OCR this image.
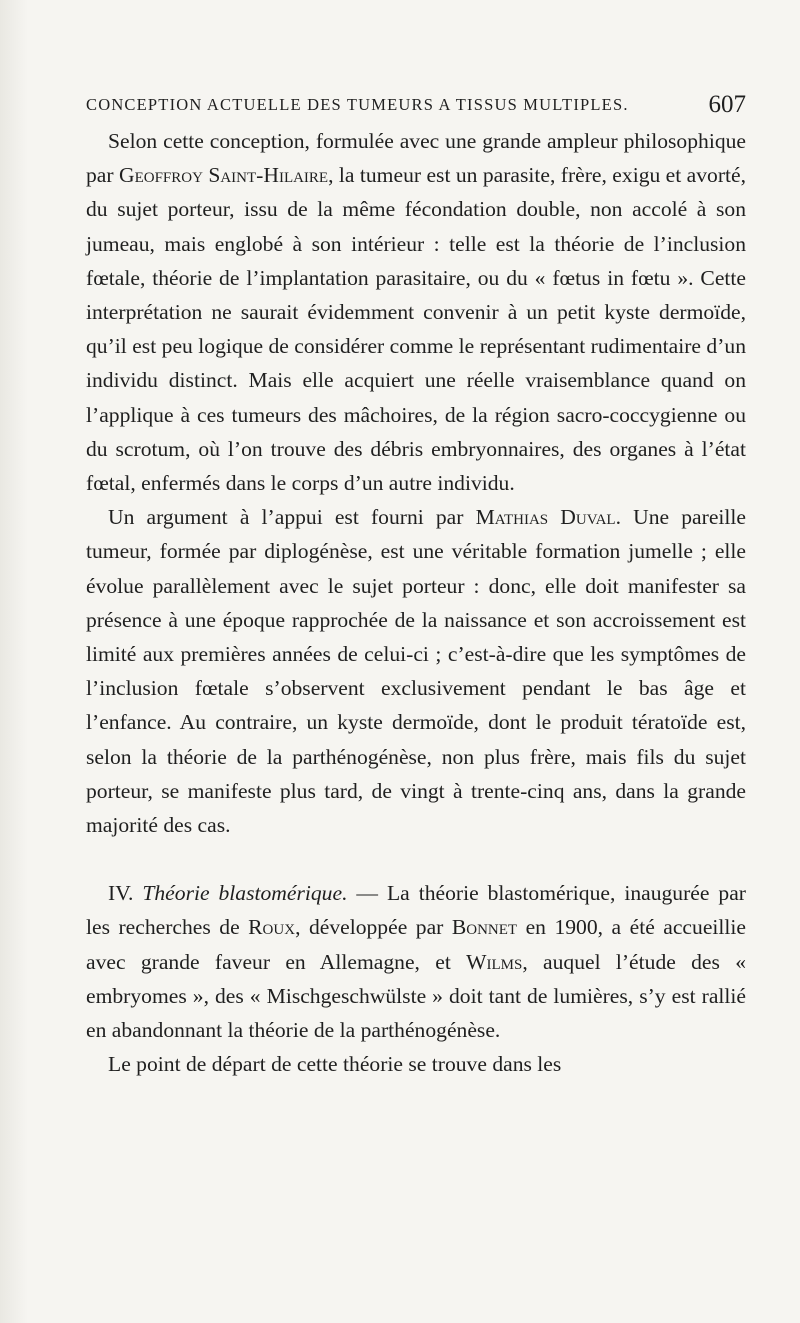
CONCEPTION ACTUELLE DES TUMEURS A TISSUS MULTIPLES.	607

Selon cette conception, formulée avec une grande ampleur philosophique par Geoffroy Saint-Hilaire, la tumeur est un parasite, frère, exigu et avorté, du sujet porteur, issu de la même fécondation double, non accolé à son jumeau, mais englobé à son intérieur : telle est la théorie de l’inclusion fœtale, théorie de l’implantation parasitaire, ou du « fœtus in fœtu ». Cette interprétation ne saurait évidemment convenir à un petit kyste dermoïde, qu’il est peu logique de considérer comme le représentant rudimentaire d’un individu distinct. Mais elle acquiert une réelle vraisemblance quand on l’applique à ces tumeurs des mâchoires, de la région sacro-coccygienne ou du scrotum, où l’on trouve des débris embryonnaires, des organes à l’état fœtal, enfermés dans le corps d’un autre individu.

Un argument à l’appui est fourni par Mathias Duval. Une pareille tumeur, formée par diplogénèse, est une véritable formation jumelle ; elle évolue parallèlement avec le sujet porteur : donc, elle doit manifester sa présence à une époque rapprochée de la naissance et son accroissement est limité aux premières années de celui-ci ; c’est-à-dire que les symptômes de l’inclusion fœtale s’observent exclusivement pendant le bas âge et l’enfance. Au contraire, un kyste dermoïde, dont le produit tératoïde est, selon la théorie de la parthénogénèse, non plus frère, mais fils du sujet porteur, se manifeste plus tard, de vingt à trente-cinq ans, dans la grande majorité des cas.

IV. Théorie blastomérique. — La théorie blastomérique, inaugurée par les recherches de Roux, développée par Bonnet en 1900, a été accueillie avec grande faveur en Allemagne, et Wilms, auquel l’étude des « embryomes », des « Mischgeschwülste » doit tant de lumières, s’y est rallié en abandonnant la théorie de la parthénogénèse.

Le point de départ de cette théorie se trouve dans les
